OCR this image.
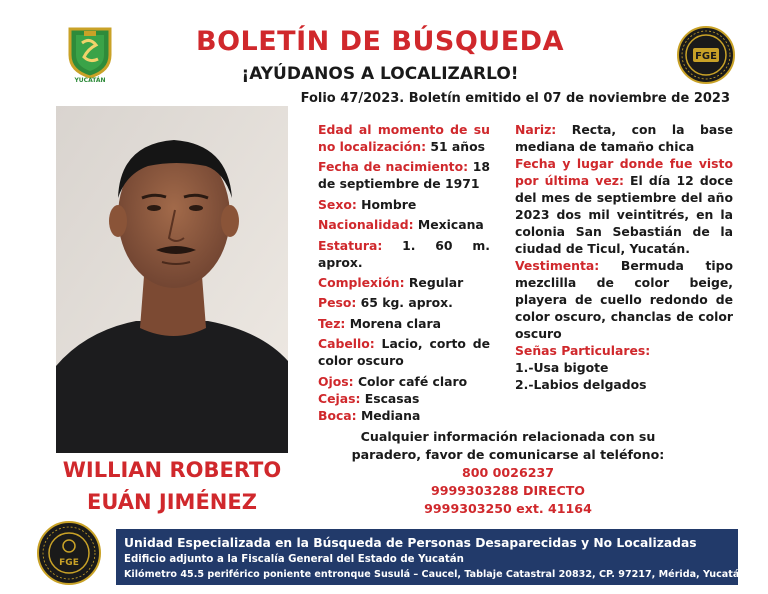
YUCATÁN
BOLETÍN DE BÚSQUEDA
¡AYÚDANOS A LOCALIZARLO!
Folio 47/2023. Boletín emitido el 07 de noviembre de 2023
FGE
WILLIAN ROBERTO
EUÁN JIMÉNEZ
Edad al momento de su no localización: 51 años
Fecha de nacimiento: 18 de septiembre de 1971
Sexo: Hombre
Nacionalidad: Mexicana
Estatura: 1. 60 m. aprox.
Complexión: Regular
Peso: 65 kg. aprox.
Tez: Morena clara
Cabello: Lacio, corto de color oscuro
Ojos: Color café claro
Cejas: Escasas
Boca: Mediana
Nariz: Recta, con la base mediana de tamaño chica
Fecha y lugar donde fue visto por última vez: El día 12 doce del mes de septiembre del año 2023 dos mil veintitrés, en la colonia San Sebastián de la ciudad de Ticul, Yucatán.
Vestimenta: Bermuda tipo mezclilla de color beige, playera de cuello redondo de color oscuro, chanclas de color oscuro
Señas Particulares:
1.-Usa bigote
2.-Labios delgados
Cualquier información relacionada con su
paradero, favor de comunicarse al teléfono:
800 0026237
9999303288 DIRECTO
9999303250 ext. 41164
FGE
Unidad Especializada en la Búsqueda de Personas Desaparecidas y No Localizadas
Edificio adjunto a la Fiscalía General del Estado de Yucatán
Kilómetro 45.5 periférico poniente entronque Susulá – Caucel, Tablaje Catastral 20832, CP. 97217, Mérida, Yucatán.
